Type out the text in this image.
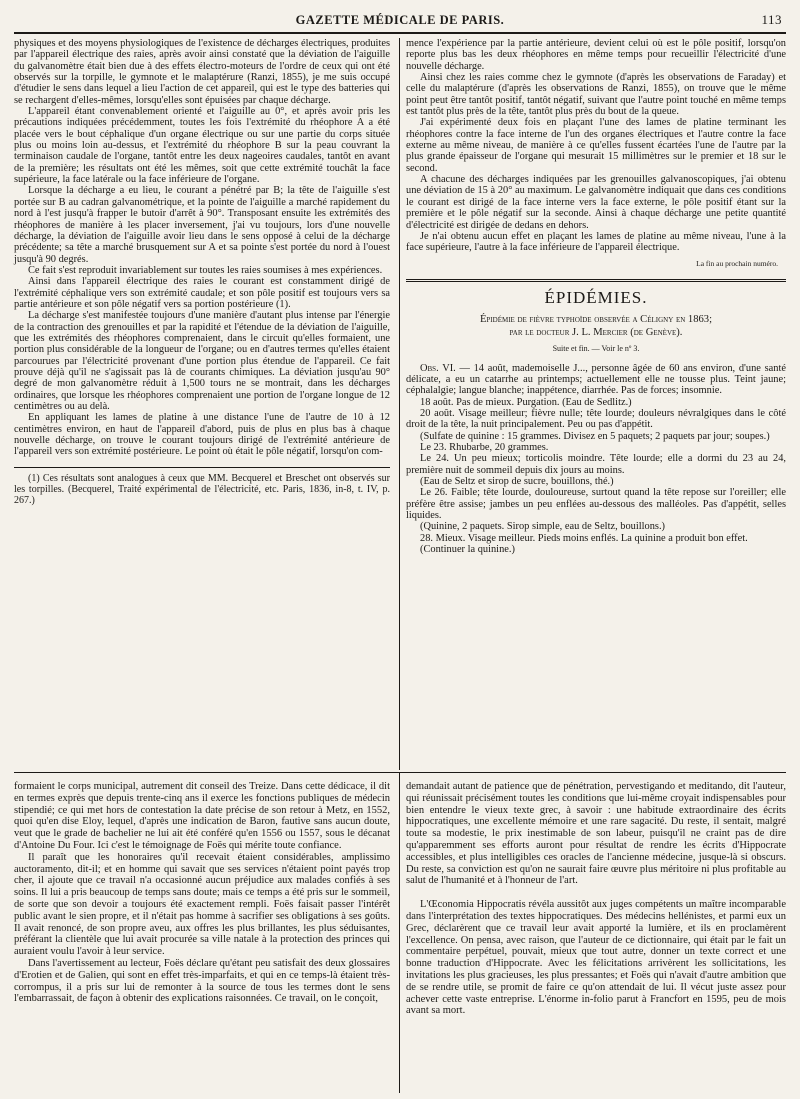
GAZETTE MÉDICALE DE PARIS.	113

physiques et des moyens physiologiques de l'existence de décharges électriques, produites par l'appareil électrique des raies, après avoir ainsi constaté que la déviation de l'aiguille du galvanomètre était bien due à des effets électro-moteurs de l'ordre de ceux qui ont été observés sur la torpille, le gymnote et le malaptérure (Ranzi, 1855), je me suis occupé d'étudier le sens dans lequel a lieu l'action de cet appareil, qui est le type des batteries qui se rechargent d'elles-mêmes, lorsqu'elles sont épuisées par chaque décharge.

L'appareil étant convenablement orienté et l'aiguille au 0°, et après avoir pris les précautions indiquées précédemment, toutes les fois l'extrémité du rhéophore A a été placée vers le bout céphalique d'un organe électrique ou sur une partie du corps située plus ou moins loin au-dessus, et l'extrémité du rhéophore B sur la peau couvrant la terminaison caudale de l'organe, tantôt entre les deux nageoires caudales, tantôt en avant de la première; les résultats ont été les mêmes, soit que cette extrémité touchât la face supérieure, la face latérale ou la face inférieure de l'organe.

Lorsque la décharge a eu lieu, le courant a pénétré par B; la tête de l'aiguille s'est portée sur B au cadran galvanométrique, et la pointe de l'aiguille a marché rapidement du nord à l'est jusqu'à frapper le butoir d'arrêt à 90°. Transposant ensuite les extrémités des rhéophores de manière à les placer inversement, j'ai vu toujours, lors d'une nouvelle décharge, la déviation de l'aiguille avoir lieu dans le sens opposé à celui de la décharge précédente; sa tête a marché brusquement sur A et sa pointe s'est portée du nord à l'ouest jusqu'à 90 degrés.

Ce fait s'est reproduit invariablement sur toutes les raies soumises à mes expériences.

Ainsi dans l'appareil électrique des raies le courant est constamment dirigé de l'extrémité céphalique vers son extrémité caudale; et son pôle positif est toujours vers sa partie antérieure et son pôle négatif vers sa portion postérieure (1).

La décharge s'est manifestée toujours d'une manière d'autant plus intense par l'énergie de la contraction des grenouilles et par la rapidité et l'étendue de la déviation de l'aiguille, que les extrémités des rhéophores comprenaient, dans le circuit qu'elles formaient, une portion plus considérable de la longueur de l'organe; ou en d'autres termes qu'elles étaient parcourues par l'électricité provenant d'une portion plus étendue de l'appareil. Ce fait prouve déjà qu'il ne s'agissait pas là de courants chimiques. La déviation jusqu'au 90° degré de mon galvanomètre réduit à 1,500 tours ne se montrait, dans les décharges ordinaires, que lorsque les rhéophores comprenaient une portion de l'organe longue de 12 centimètres ou au delà.

En appliquant les lames de platine à une distance l'une de l'autre de 10 à 12 centimètres environ, en haut de l'appareil d'abord, puis de plus en plus bas à chaque nouvelle décharge, on trouve le courant toujours dirigé de l'extrémité antérieure de l'appareil vers son extrémité postérieure. Le point où était le pôle négatif, lorsqu'on com-

(1) Ces résultats sont analogues à ceux que MM. Becquerel et Breschet ont observés sur les torpilles. (Becquerel, Traité expérimental de l'électricité, etc. Paris, 1836, in-8, t. IV, p. 267.)

mence l'expérience par la partie antérieure, devient celui où est le pôle positif, lorsqu'on reporte plus bas les deux rhéophores en même temps pour recueillir l'électricité d'une nouvelle décharge.

Ainsi chez les raies comme chez le gymnote (d'après les observations de Faraday) et celle du malaptérure (d'après les observations de Ranzi, 1855), on trouve que le même point peut être tantôt positif, tantôt négatif, suivant que l'autre point touché en même temps est tantôt plus près de la tête, tantôt plus près du bout de la queue.

J'ai expérimenté deux fois en plaçant l'une des lames de platine terminant les rhéophores contre la face interne de l'un des organes électriques et l'autre contre la face externe au même niveau, de manière à ce qu'elles fussent écartées l'une de l'autre par la plus grande épaisseur de l'organe qui mesurait 15 millimètres sur le premier et 18 sur le second.

A chacune des décharges indiquées par les grenouilles galvanoscopiques, j'ai obtenu une déviation de 15 à 20° au maximum. Le galvanomètre indiquait que dans ces conditions le courant est dirigé de la face interne vers la face externe, le pôle positif étant sur la première et le pôle négatif sur la seconde. Ainsi à chaque décharge une petite quantité d'électricité est dirigée de dedans en dehors.

Je n'ai obtenu aucun effet en plaçant les lames de platine au même niveau, l'une à la face supérieure, l'autre à la face inférieure de l'appareil électrique.

La fin au prochain numéro.
ÉPIDÉMIES.
Épidémie de fièvre typhoïde observée a Céligny en 1863;
par le docteur J. L. Mercier (de Genève).
Suite et fin. — Voir le nº 3.

Obs. VI. — 14 août, mademoiselle J..., personne âgée de 60 ans environ, d'une santé délicate, a eu un catarrhe au printemps; actuellement elle ne tousse plus. Teint jaune; céphalalgie; langue blanche; inappétence, diarrhée. Pas de forces; insomnie.

18 août. Pas de mieux. Purgation. (Eau de Sedlitz.)

20 août. Visage meilleur; fièvre nulle; tête lourde; douleurs névralgiques dans le côté droit de la tête, la nuit principalement. Peu ou pas d'appétit.

(Sulfate de quinine : 15 grammes. Divisez en 5 paquets; 2 paquets par jour; soupes.)

Le 23. Rhubarbe, 20 grammes.

Le 24. Un peu mieux; torticolis moindre. Tête lourde; elle a dormi du 23 au 24, première nuit de sommeil depuis dix jours au moins.

(Eau de Seltz et sirop de sucre, bouillons, thé.)

Le 26. Faible; tête lourde, douloureuse, surtout quand la tête repose sur l'oreiller; elle préfère être assise; jambes un peu enflées au-dessous des malléoles. Pas d'appétit, selles liquides.

(Quinine, 2 paquets. Sirop simple, eau de Seltz, bouillons.)

28. Mieux. Visage meilleur. Pieds moins enflés. La quinine a produit bon effet.

(Continuer la quinine.)

formaient le corps municipal, autrement dit conseil des Treize. Dans cette dédicace, il dit en termes exprès que depuis trente-cinq ans il exerce les fonctions publiques de médecin stipendié; ce qui met hors de contestation la date précise de son retour à Metz, en 1552, quoi qu'en dise Eloy, lequel, d'après une indication de Baron, fautive sans aucun doute, veut que le grade de bachelier ne lui ait été conféré qu'en 1556 ou 1557, sous le décanat d'Antoine Du Four. Ici c'est le témoignage de Foës qui mérite toute confiance.

Il paraît que les honoraires qu'il recevait étaient considérables, amplissimo auctoramento, dit-il; et en homme qui savait que ses services n'étaient point payés trop cher, il ajoute que ce travail n'a occasionné aucun préjudice aux malades confiés à ses soins. Il lui a pris beaucoup de temps sans doute; mais ce temps a été pris sur le sommeil, de sorte que son devoir a toujours été exactement rempli. Foës faisait passer l'intérêt public avant le sien propre, et il n'était pas homme à sacrifier ses obligations à ses goûts. Il avait renoncé, de son propre aveu, aux offres les plus brillantes, les plus séduisantes, préférant la clientèle que lui avait procurée sa ville natale à la protection des princes qui auraient voulu l'avoir à leur service.

Dans l'avertissement au lecteur, Foës déclare qu'étant peu satisfait des deux glossaires d'Erotien et de Galien, qui sont en effet très-imparfaits, et qui en ce temps-là étaient très-corrompus, il a pris sur lui de remonter à la source de tous les termes dont le sens l'embarrassait, de façon à obtenir des explications raisonnées. Ce travail, on le conçoit,

demandait autant de patience que de pénétration, pervestigando et meditando, dit l'auteur, qui réunissait précisément toutes les conditions que lui-même croyait indispensables pour bien entendre le vieux texte grec, à savoir : une habitude extraordinaire des écrits hippocratiques, une excellente mémoire et une rare sagacité. Du reste, il sentait, malgré toute sa modestie, le prix inestimable de son labeur, puisqu'il ne craint pas de dire qu'apparemment ses efforts auront pour résultat de rendre les écrits d'Hippocrate accessibles, et plus intelligibles ces oracles de l'ancienne médecine, jusque-là si obscurs. Du reste, sa conviction est qu'on ne saurait faire œuvre plus méritoire ni plus profitable au salut de l'humanité et à l'honneur de l'art.

L'Œconomia Hippocratis révéla aussitôt aux juges compétents un maître incomparable dans l'interprétation des textes hippocratiques. Des médecins hellénistes, et parmi eux un Grec, déclarèrent que ce travail leur avait apporté la lumière, et ils en proclamèrent l'excellence. On pensa, avec raison, que l'auteur de ce dictionnaire, qui était par le fait un commentaire perpétuel, pouvait, mieux que tout autre, donner un texte correct et une bonne traduction d'Hippocrate. Avec les félicitations arrivèrent les sollicitations, les invitations les plus gracieuses, les plus pressantes; et Foës qui n'avait d'autre ambition que de se rendre utile, se promit de faire ce qu'on attendait de lui. Il vécut juste assez pour achever cette vaste entreprise. L'énorme in-folio parut à Francfort en 1595, peu de mois avant sa mort.
